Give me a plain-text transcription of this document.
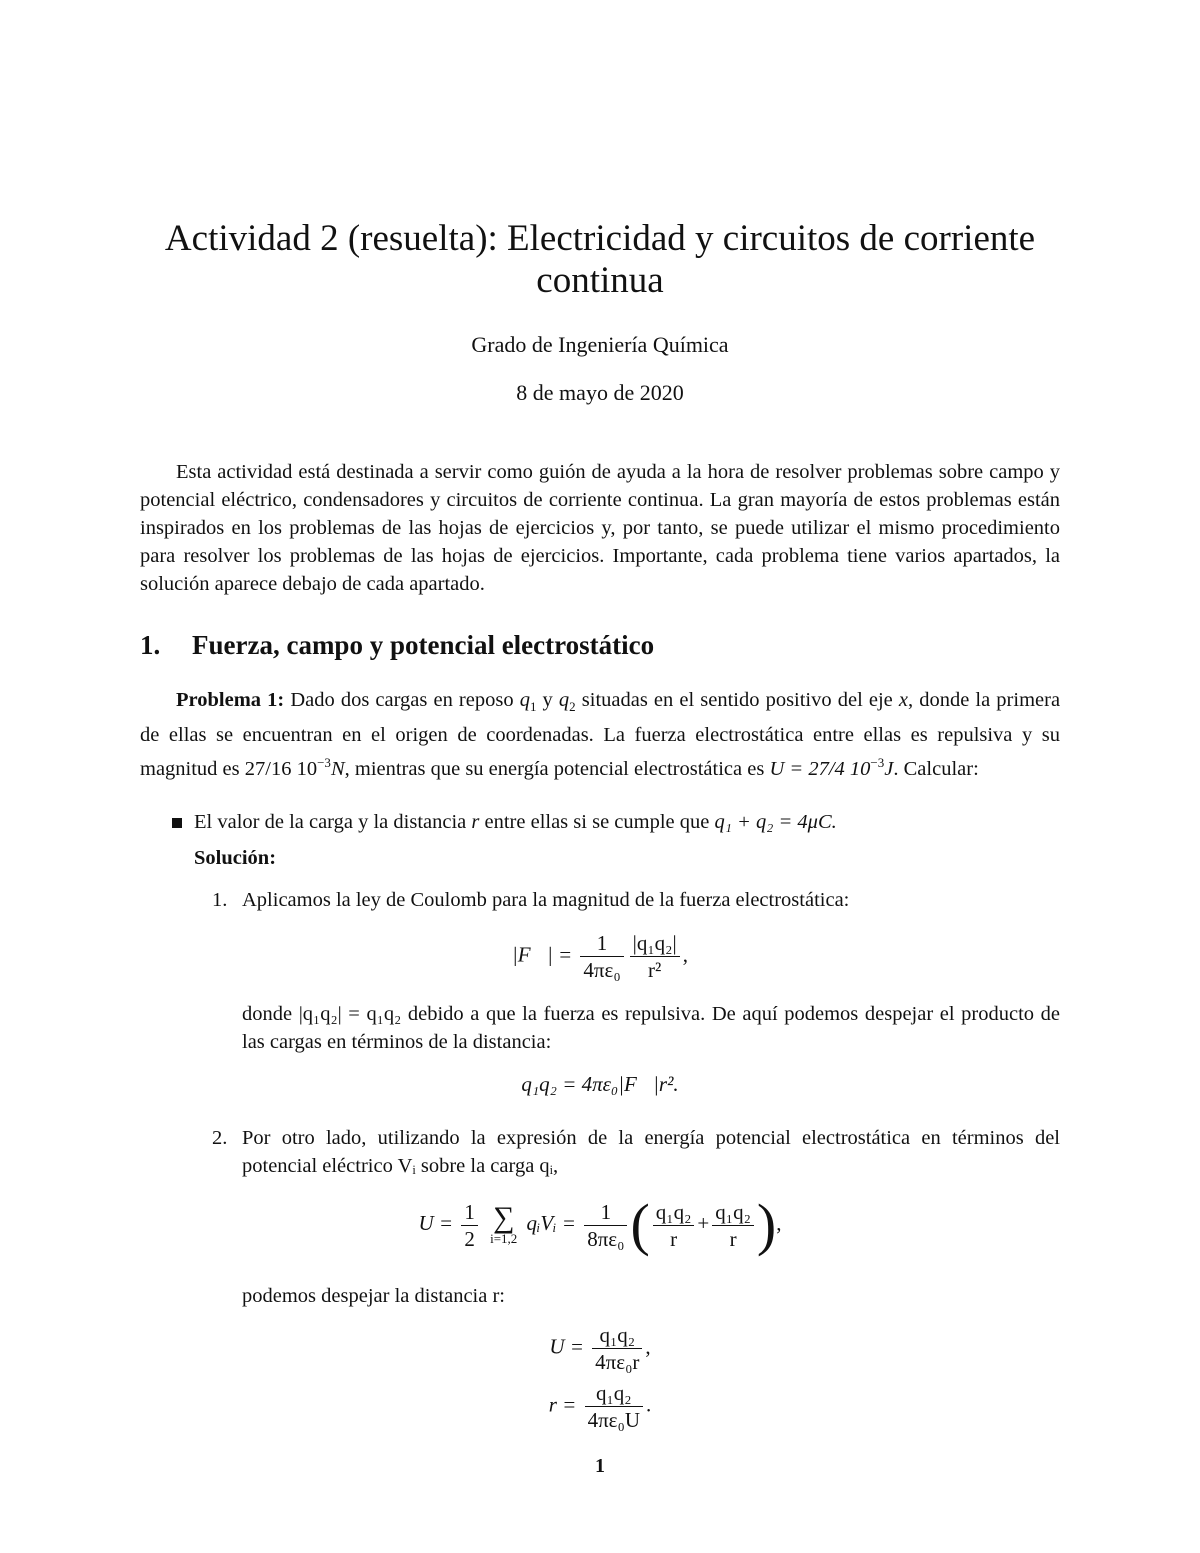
Actividad 2 (resuelta): Electricidad y circuitos de corriente continua
Grado de Ingeniería Química
8 de mayo de 2020
Esta actividad está destinada a servir como guión de ayuda a la hora de resolver problemas sobre campo y potencial eléctrico, condensadores y circuitos de corriente continua. La gran mayoría de estos problemas están inspirados en los problemas de las hojas de ejercicios y, por tanto, se puede utilizar el mismo procedimiento para resolver los problemas de las hojas de ejercicios. Importante, cada problema tiene varios apartados, la solución aparece debajo de cada apartado.
1. Fuerza, campo y potencial electrostático
Problema 1: Dado dos cargas en reposo $q_1$ y $q_2$ situadas en el sentido positivo del eje x, donde la primera de ellas se encuentran en el origen de coordenadas. La fuerza electrostática entre ellas es repulsiva y su magnitud es 27/16 $10^{-3}N$, mientras que su energía potencial electrostática es U = 27/4 $10^{-3}J$. Calcular:
El valor de la carga y la distancia r entre ellas si se cumple que q₁ + q₂ = 4μC.
Solución:
1. Aplicamos la ley de Coulomb para la magnitud de la fuerza electrostática:
|F⃗| = $\frac{1}{\text{4πε₀}} \frac{\text{|q₁q₂|}}{\text{r²}}$ ,
donde |q₁q₂| = q₁q₂ debido a que la fuerza es repulsiva. De aquí podemos despejar el producto de las cargas en términos de la distancia:
q₁q₂ = 4πε₀|F⃗|r².
2. Por otro lado, utilizando la expresión de la energía potencial electrostática en términos del potencial eléctrico Vᵢ sobre la carga qᵢ,
$U = \frac{1}{2}$
∑
i=1,2
qᵢVᵢ = $\frac{1}{\text{8πε₀}}$ ( $\frac{\text{q₁q₂}}{r} + \frac{\text{q₁q₂}}{r}$ ),
podemos despejar la distancia r:
$U = \frac{\text{q₁q₂}}{\text{4πε₀r}}$ ,
$r = \frac{\text{q₁q₂}}{\text{4πε₀U}}$ .
1
